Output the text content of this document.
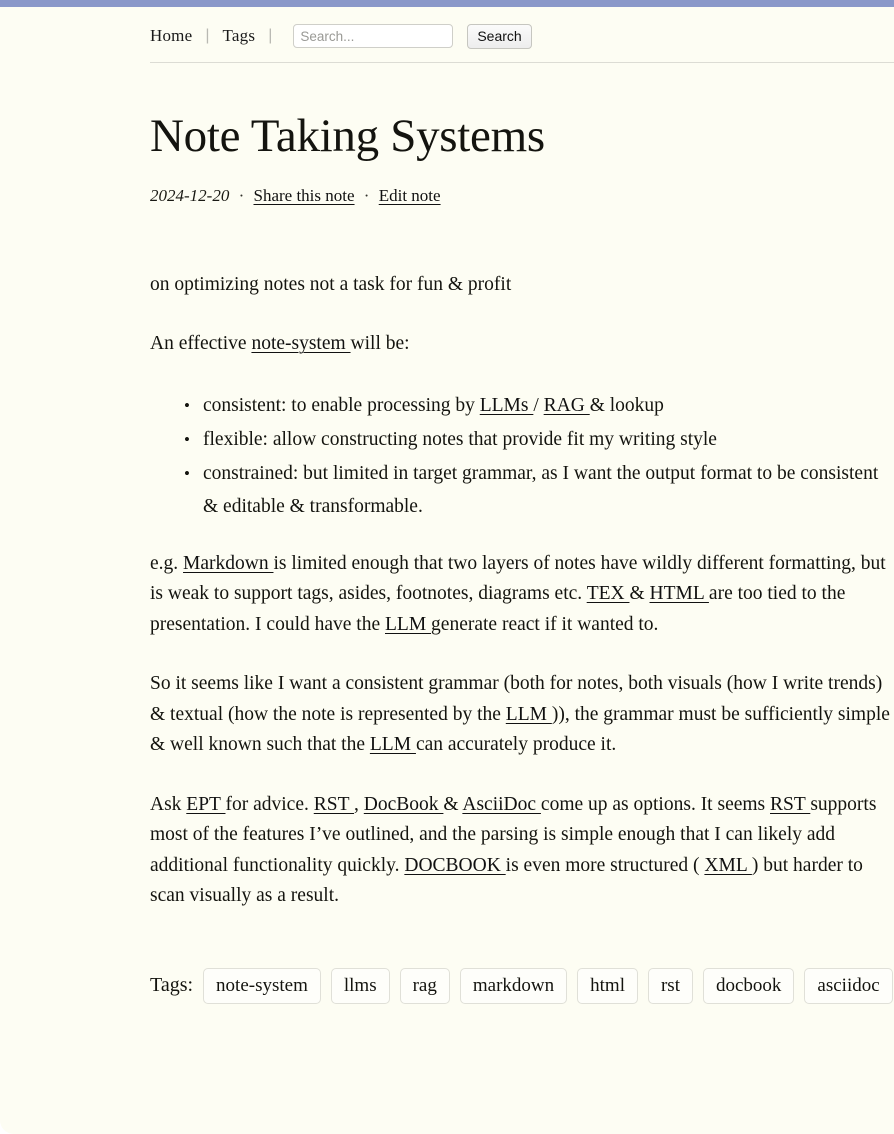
Home | Tags |
Search...	Search
Note Taking Systems
2024-12-20 · Share this note · Edit note

on optimizing notes not a task for fun & profit

An effective note-system will be:

• consistent: to enable processing by LLMs / RAG & lookup
• flexible: allow constructing notes that provide fit my writing style
• constrained: but limited in target grammar, as I want the output format to be consistent & editable & transformable.

e.g. Markdown is limited enough that two layers of notes have wildly different formatting, but is weak to support tags, asides, footnotes, diagrams etc. TEX & HTML are too tied to the presentation. I could have the LLM generate react if it wanted to.

So it seems like I want a consistent grammar (both for notes, both visuals (how I write trends) & textual (how the note is represented by the LLM )), the grammar must be sufficiently simple & well known such that the LLM can accurately produce it.

Ask EPT for advice. RST , DocBook & AsciiDoc come up as options. It seems RST supports most of the features I’ve outlined, and the parsing is simple enough that I can likely add additional functionality quickly. DOCBOOK is even more structured ( XML ) but harder to scan visually as a result.

Tags:	note-system	llms	rag	markdown	html	rst	docbook	asciidoc
